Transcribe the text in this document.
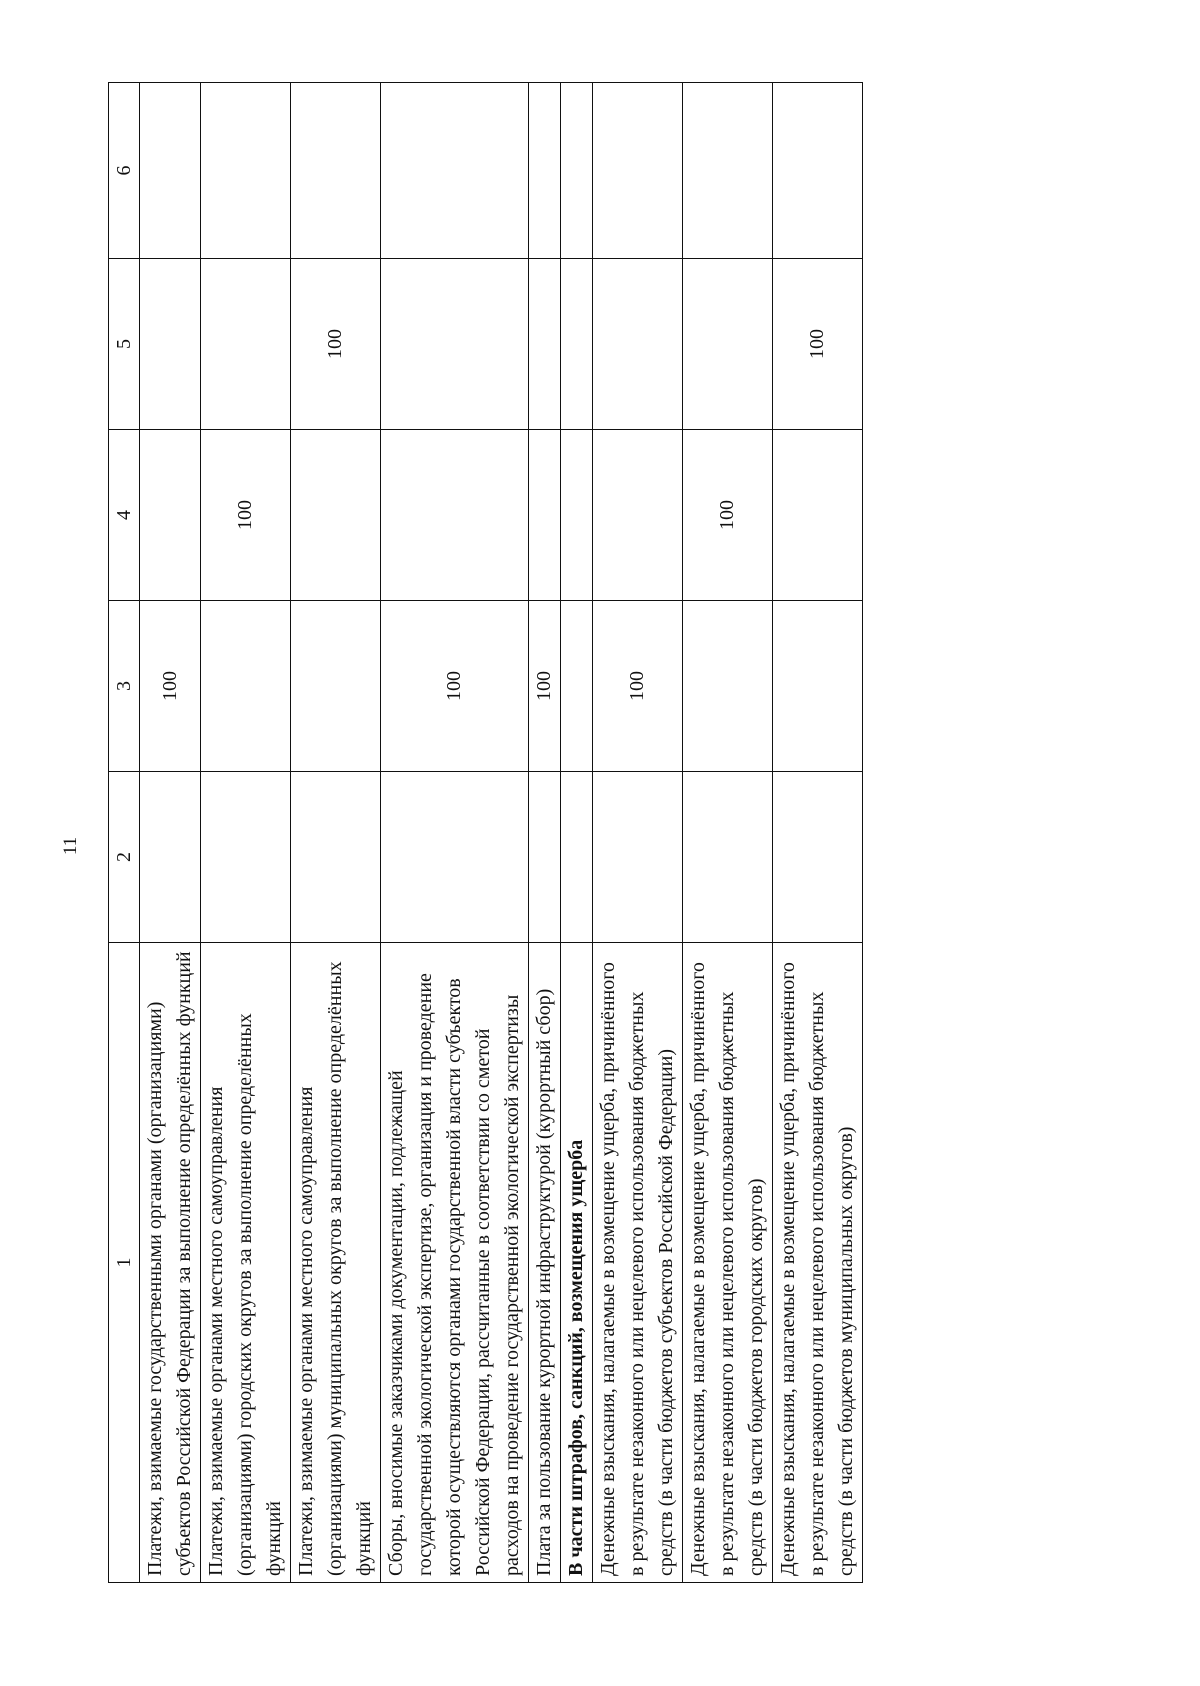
11
1	2	3	4	5	6
Платежи, взимаемые государственными органами (организациями) субъектов Российской Федерации за выполнение определённых функций		100			
Платежи, взимаемые органами местного самоуправления (организациями) городских округов за выполнение определённых функций			100		
Платежи, взимаемые органами местного самоуправления (организациями) муниципальных округов за выполнение определённых функций				100	
Сборы, вносимые заказчиками документации, подлежащей государственной экологической экспертизе, организация и проведение которой осуществляются органами государственной власти субъектов Российской Федерации, рассчитанные в соответствии со сметой расходов на проведение государственной экологической экспертизы		100			
Плата за пользование курортной инфраструктурой (курортный сбор)		100			
В части штрафов, санкций, возмещения ущерба					
Денежные взыскания, налагаемые в возмещение ущерба, причинённого в результате незаконного или нецелевого использования бюджетных средств (в части бюджетов субъектов Российской Федерации)		100			
Денежные взыскания, налагаемые в возмещение ущерба, причинённого в результате незаконного или нецелевого использования бюджетных средств (в части бюджетов городских округов)			100		
Денежные взыскания, налагаемые в возмещение ущерба, причинённого в результате незаконного или нецелевого использования бюджетных средств (в части бюджетов муниципальных округов)				100	
